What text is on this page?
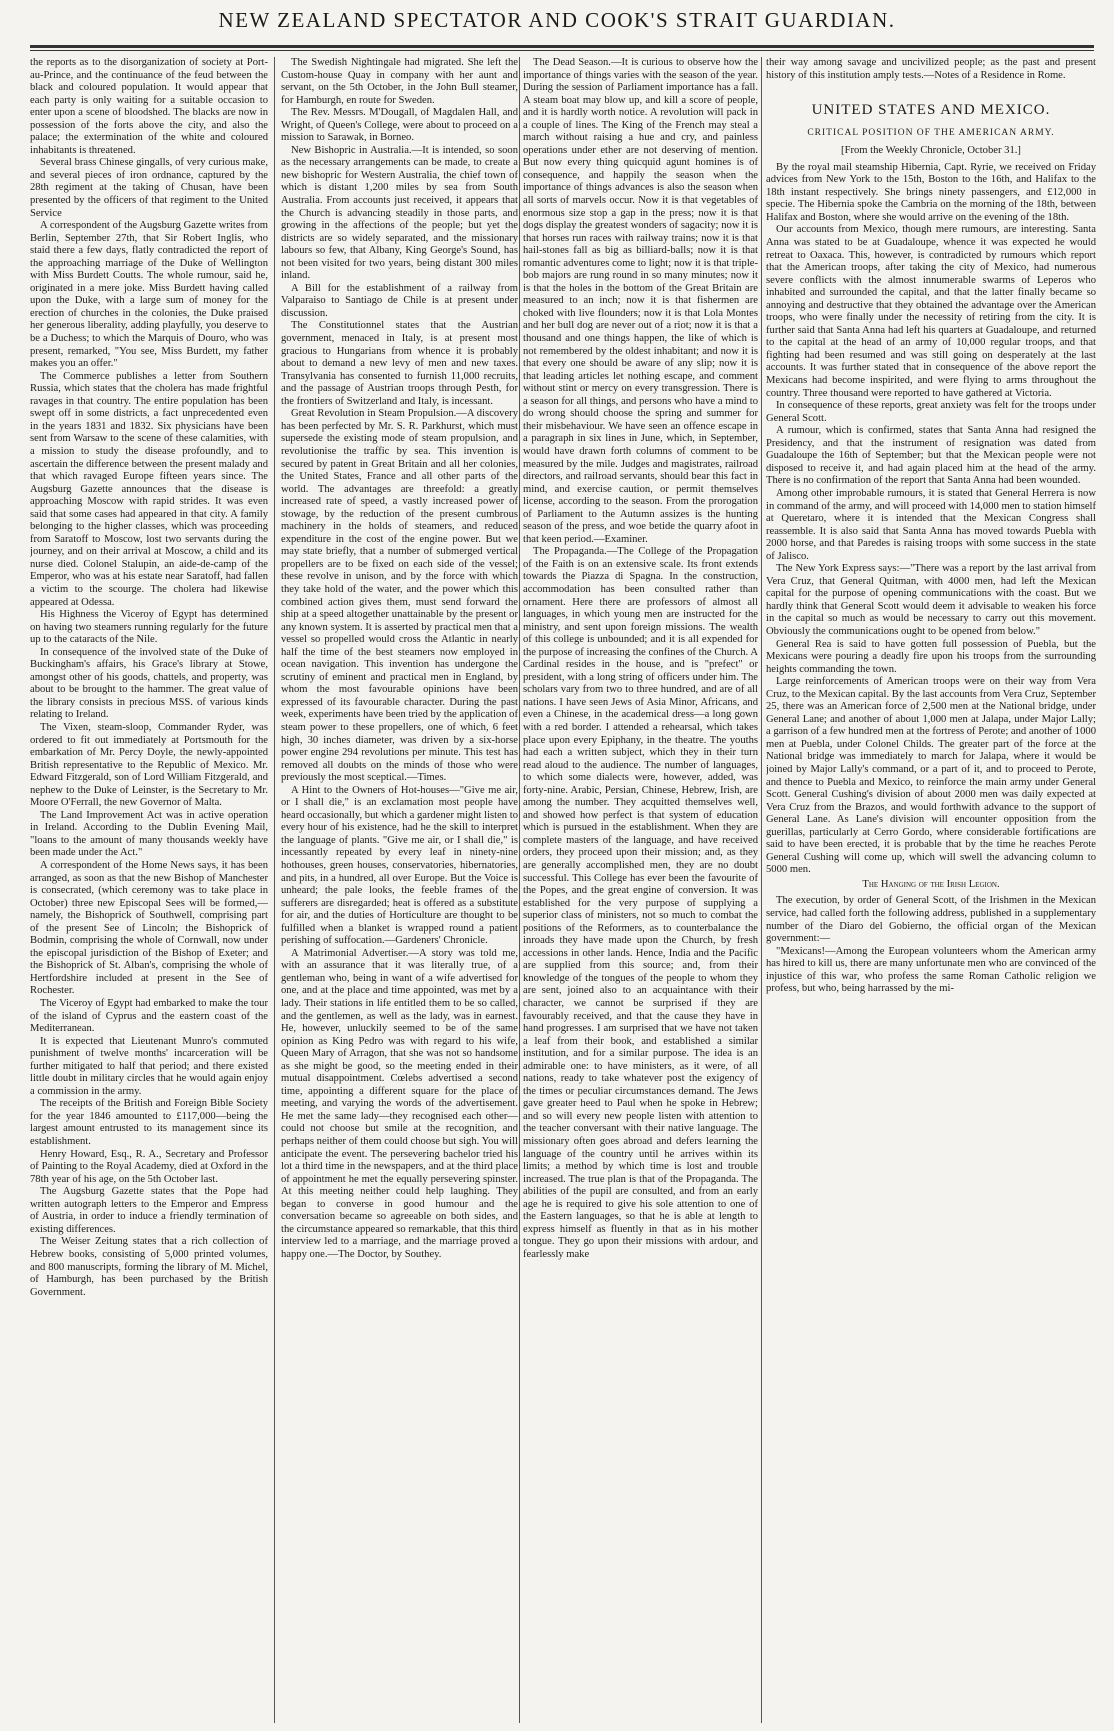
NEW ZEALAND SPECTATOR AND COOK'S STRAIT GUARDIAN.

the reports as to the disorganization of society at Port-au-Prince, and the continuance of the feud between the black and coloured population. It would appear that each party is only waiting for a suitable occasion to enter upon a scene of bloodshed. The blacks are now in possession of the forts above the city, and also the palace; the extermination of the white and coloured inhabitants is threatened.

Several brass Chinese gingalls, of very curious make, and several pieces of iron ordnance, captured by the 28th regiment at the taking of Chusan, have been presented by the officers of that regiment to the United Service

A correspondent of the Augsburg Gazette writes from Berlin, September 27th, that Sir Robert Inglis, who staid there a few days, flatly contradicted the report of the approaching marriage of the Duke of Wellington with Miss Burdett Coutts. The whole rumour, said he, originated in a mere joke. Miss Burdett having called upon the Duke, with a large sum of money for the erection of churches in the colonies, the Duke praised her generous liberality, adding playfully, you deserve to be a Duchess; to which the Marquis of Douro, who was present, remarked, "You see, Miss Burdett, my father makes you an offer."

The Commerce publishes a letter from Southern Russia, which states that the cholera has made frightful ravages in that country. The entire population has been swept off in some districts, a fact unprecedented even in the years 1831 and 1832. Six physicians have been sent from Warsaw to the scene of these calamities, with a mission to study the disease profoundly, and to ascertain the difference between the present malady and that which ravaged Europe fifteen years since. The Augsburg Gazette announces that the disease is approaching Moscow with rapid strides. It was even said that some cases had appeared in that city. A family belonging to the higher classes, which was proceeding from Saratoff to Moscow, lost two servants during the journey, and on their arrival at Moscow, a child and its nurse died. Colonel Stalupin, an aide-de-camp of the Emperor, who was at his estate near Saratoff, had fallen a victim to the scourge. The cholera had likewise appeared at Odessa.

His Highness the Viceroy of Egypt has determined on having two steamers running regularly for the future up to the cataracts of the Nile.

In consequence of the involved state of the Duke of Buckingham's affairs, his Grace's library at Stowe, amongst other of his goods, chattels, and property, was about to be brought to the hammer. The great value of the library consists in precious MSS. of various kinds relating to Ireland.

The Vixen, steam-sloop, Commander Ryder, was ordered to fit out immediately at Portsmouth for the embarkation of Mr. Percy Doyle, the newly-appointed British representative to the Republic of Mexico. Mr. Edward Fitzgerald, son of Lord William Fitzgerald, and nephew to the Duke of Leinster, is the Secretary to Mr. Moore O'Ferrall, the new Governor of Malta.

The Land Improvement Act was in active operation in Ireland. According to the Dublin Evening Mail, "loans to the amount of many thousands weekly have been made under the Act."

A correspondent of the Home News says, it has been arranged, as soon as that the new Bishop of Manchester is consecrated, (which ceremony was to take place in October) three new Episcopal Sees will be formed,—namely, the Bishoprick of Southwell, comprising part of the present See of Lincoln; the Bishoprick of Bodmin, comprising the whole of Cornwall, now under the episcopal jurisdiction of the Bishop of Exeter; and the Bishoprick of St. Alban's, comprising the whole of Hertfordshire included at present in the See of Rochester.

The Viceroy of Egypt had embarked to make the tour of the island of Cyprus and the eastern coast of the Mediterranean.

It is expected that Lieutenant Munro's commuted punishment of twelve months' incarceration will be further mitigated to half that period; and there existed little doubt in military circles that he would again enjoy a commission in the army.

The receipts of the British and Foreign Bible Society for the year 1846 amounted to £117,000—being the largest amount entrusted to its management since its establishment.

Henry Howard, Esq., R. A., Secretary and Professor of Painting to the Royal Academy, died at Oxford in the 78th year of his age, on the 5th October last.

The Augsburg Gazette states that the Pope had written autograph letters to the Emperor and Empress of Austria, in order to induce a friendly termination of existing differences.

The Weiser Zeitung states that a rich collection of Hebrew books, consisting of 5,000 printed volumes, and 800 manuscripts, forming the library of M. Michel, of Hamburgh, has been purchased by the British Government.

The Swedish Nightingale had migrated. She left the Custom-house Quay in company with her aunt and servant, on the 5th October, in the John Bull steamer, for Hamburgh, en route for Sweden.

The Rev. Messrs. M'Dougall, of Magdalen Hall, and Wright, of Queen's College, were about to proceed on a mission to Sarawak, in Borneo.

New Bishopric in Australia.—It is intended, so soon as the necessary arrangements can be made, to create a new bishopric for Western Australia, the chief town of which is distant 1,200 miles by sea from South Australia. From accounts just received, it appears that the Church is advancing steadily in those parts, and growing in the affections of the people; but yet the districts are so widely separated, and the missionary labours so few, that Albany, King George's Sound, has not been visited for two years, being distant 300 miles inland.

A Bill for the establishment of a railway from Valparaiso to Santiago de Chile is at present under discussion.

The Constitutionnel states that the Austrian government, menaced in Italy, is at present most gracious to Hungarians from whence it is probably about to demand a new levy of men and new taxes. Transylvania has consented to furnish 11,000 recruits, and the passage of Austrian troops through Pesth, for the frontiers of Switzerland and Italy, is incessant.

Great Revolution in Steam Propulsion.—A discovery has been perfected by Mr. S. R. Parkhurst, which must supersede the existing mode of steam propulsion, and revolutionise the traffic by sea. This invention is secured by patent in Great Britain and all her colonies, the United States, France and all other parts of the world. The advantages are threefold: a greatly increased rate of speed, a vastly increased power of stowage, by the reduction of the present cumbrous machinery in the holds of steamers, and reduced expenditure in the cost of the engine power. But we may state briefly, that a number of submerged vertical propellers are to be fixed on each side of the vessel; these revolve in unison, and by the force with which they take hold of the water, and the power which this combined action gives them, must send forward the ship at a speed altogether unattainable by the present or any known system. It is asserted by practical men that a vessel so propelled would cross the Atlantic in nearly half the time of the best steamers now employed in ocean navigation. This invention has undergone the scrutiny of eminent and practical men in England, by whom the most favourable opinions have been expressed of its favourable character. During the past week, experiments have been tried by the application of steam power to these propellers, one of which, 6 feet high, 30 inches diameter, was driven by a six-horse power engine 294 revolutions per minute. This test has removed all doubts on the minds of those who were previously the most sceptical.—Times.

A Hint to the Owners of Hot-houses—"Give me air, or I shall die," is an exclamation most people have heard occasionally, but which a gardener might listen to every hour of his existence, had he the skill to interpret the language of plants. "Give me air, or I shall die," is incessantly repeated by every leaf in ninety-nine hothouses, green houses, conservatories, hibernatories, and pits, in a hundred, all over Europe. But the Voice is unheard; the pale looks, the feeble frames of the sufferers are disregarded; heat is offered as a substitute for air, and the duties of Horticulture are thought to be fulfilled when a blanket is wrapped round a patient perishing of suffocation.—Gardeners' Chronicle.

A Matrimonial Advertiser.—A story was told me, with an assurance that it was literally true, of a gentleman who, being in want of a wife advertised for one, and at the place and time appointed, was met by a lady. Their stations in life entitled them to be so called, and the gentlemen, as well as the lady, was in earnest. He, however, unluckily seemed to be of the same opinion as King Pedro was with regard to his wife, Queen Mary of Arragon, that she was not so handsome as she might be good, so the meeting ended in their mutual disappointment. Cœlebs advertised a second time, appointing a different square for the place of meeting, and varying the words of the advertisement. He met the same lady—they recognised each other—could not choose but smile at the recognition, and perhaps neither of them could choose but sigh. You will anticipate the event. The persevering bachelor tried his lot a third time in the newspapers, and at the third place of appointment he met the equally persevering spinster. At this meeting neither could help laughing. They began to converse in good humour and the conversation became so agreeable on both sides, and the circumstance appeared so remarkable, that this third interview led to a marriage, and the marriage proved a happy one.—The Doctor, by Southey.

The Dead Season.—It is curious to observe how the importance of things varies with the season of the year. During the session of Parliament importance has a fall. A steam boat may blow up, and kill a score of people, and it is hardly worth notice. A revolution will pack in a couple of lines. The King of the French may steal a march without raising a hue and cry, and painless operations under ether are not deserving of mention. But now every thing quicquid agunt homines is of consequence, and happily the season when the importance of things advances is also the season when all sorts of marvels occur. Now it is that vegetables of enormous size stop a gap in the press; now it is that dogs display the greatest wonders of sagacity; now it is that horses run races with railway trains; now it is that hail-stones fall as big as billiard-balls; now it is that romantic adventures come to light; now it is that triple-bob majors are rung round in so many minutes; now it is that the holes in the bottom of the Great Britain are measured to an inch; now it is that fishermen are choked with live flounders; now it is that Lola Montes and her bull dog are never out of a riot; now it is that a thousand and one things happen, the like of which is not remembered by the oldest inhabitant; and now it is that every one should be aware of any slip; now it is that leading articles let nothing escape, and comment without stint or mercy on every transgression. There is a season for all things, and persons who have a mind to do wrong should choose the spring and summer for their misbehaviour. We have seen an offence escape in a paragraph in six lines in June, which, in September, would have drawn forth columns of comment to be measured by the mile. Judges and magistrates, railroad directors, and railroad servants, should bear this fact in mind, and exercise caution, or permit themselves license, according to the season. From the prorogation of Parliament to the Autumn assizes is the hunting season of the press, and woe betide the quarry afoot in that keen period.—Examiner.

The Propaganda.—The College of the Propagation of the Faith is on an extensive scale. Its front extends towards the Piazza di Spagna. In the construction, accommodation has been consulted rather than ornament. Here there are professors of almost all languages, in which young men are instructed for the ministry, and sent upon foreign missions. The wealth of this college is unbounded; and it is all expended for the purpose of increasing the confines of the Church. A Cardinal resides in the house, and is "prefect" or president, with a long string of officers under him. The scholars vary from two to three hundred, and are of all nations. I have seen Jews of Asia Minor, Africans, and even a Chinese, in the academical dress—a long gown with a red border. I attended a rehearsal, which takes place upon every Epiphany, in the theatre. The youths had each a written subject, which they in their turn read aloud to the audience. The number of languages, to which some dialects were, however, added, was forty-nine. Arabic, Persian, Chinese, Hebrew, Irish, are among the number. They acquitted themselves well, and showed how perfect is that system of education which is pursued in the establishment. When they are complete masters of the language, and have received orders, they proceed upon their mission; and, as they are generally accomplished men, they are no doubt successful. This College has ever been the favourite of the Popes, and the great engine of conversion. It was established for the very purpose of supplying a superior class of ministers, not so much to combat the positions of the Reformers, as to counterbalance the inroads they have made upon the Church, by fresh accessions in other lands. Hence, India and the Pacific are supplied from this source; and, from their knowledge of the tongues of the people to whom they are sent, joined also to an acquaintance with their character, we cannot be surprised if they are favourably received, and that the cause they have in hand progresses. I am surprised that we have not taken a leaf from their book, and established a similar institution, and for a similar purpose. The idea is an admirable one: to have ministers, as it were, of all nations, ready to take whatever post the exigency of the times or peculiar circumstances demand. The Jews gave greater heed to Paul when he spoke in Hebrew; and so will every new people listen with attention to the teacher conversant with their native language. The missionary often goes abroad and defers learning the language of the country until he arrives within its limits; a method by which time is lost and trouble increased. The true plan is that of the Propaganda. The abilities of the pupil are consulted, and from an early age he is required to give his sole attention to one of the Eastern languages, so that he is able at length to express himself as fluently in that as in his mother tongue. They go upon their missions with ardour, and fearlessly make

their way among savage and uncivilized people; as the past and present history of this institution amply tests.—Notes of a Residence in Rome.

UNITED STATES AND MEXICO.
CRITICAL POSITION OF THE AMERICAN ARMY.
[From the Weekly Chronicle, October 31.]

By the royal mail steamship Hibernia, Capt. Ryrie, we received on Friday advices from New York to the 15th, Boston to the 16th, and Halifax to the 18th instant respectively. She brings ninety passengers, and £12,000 in specie. The Hibernia spoke the Cambria on the morning of the 18th, between Halifax and Boston, where she would arrive on the evening of the 18th.

Our accounts from Mexico, though mere rumours, are interesting. Santa Anna was stated to be at Guadaloupe, whence it was expected he would retreat to Oaxaca. This, however, is contradicted by rumours which report that the American troops, after taking the city of Mexico, had numerous severe conflicts with the almost innumerable swarms of Leperos who inhabited and surrounded the capital, and that the latter finally became so annoying and destructive that they obtained the advantage over the American troops, who were finally under the necessity of retiring from the city. It is further said that Santa Anna had left his quarters at Guadaloupe, and returned to the capital at the head of an army of 10,000 regular troops, and that fighting had been resumed and was still going on desperately at the last accounts. It was further stated that in consequence of the above report the Mexicans had become inspirited, and were flying to arms throughout the country. Three thousand were reported to have gathered at Victoria.

In consequence of these reports, great anxiety was felt for the troops under General Scott.

A rumour, which is confirmed, states that Santa Anna had resigned the Presidency, and that the instrument of resignation was dated from Guadaloupe the 16th of September; but that the Mexican people were not disposed to receive it, and had again placed him at the head of the army. There is no confirmation of the report that Santa Anna had been wounded.

Among other improbable rumours, it is stated that General Herrera is now in command of the army, and will proceed with 14,000 men to station himself at Queretaro, where it is intended that the Mexican Congress shall reassemble. It is also said that Santa Anna has moved towards Puebla with 2000 horse, and that Paredes is raising troops with some success in the state of Jalisco.

The New York Express says:—"There was a report by the last arrival from Vera Cruz, that General Quitman, with 4000 men, had left the Mexican capital for the purpose of opening communications with the coast. But we hardly think that General Scott would deem it advisable to weaken his force in the capital so much as would be necessary to carry out this movement. Obviously the communications ought to be opened from below."

General Rea is said to have gotten full possession of Puebla, but the Mexicans were pouring a deadly fire upon his troops from the surrounding heights commanding the town.

Large reinforcements of American troops were on their way from Vera Cruz, to the Mexican capital. By the last accounts from Vera Cruz, September 25, there was an American force of 2,500 men at the National bridge, under General Lane; and another of about 1,000 men at Jalapa, under Major Lally; a garrison of a few hundred men at the fortress of Perote; and another of 1000 men at Puebla, under Colonel Childs. The greater part of the force at the National bridge was immediately to march for Jalapa, where it would be joined by Major Lally's command, or a part of it, and to proceed to Perote, and thence to Puebla and Mexico, to reinforce the main army under General Scott. General Cushing's division of about 2000 men was daily expected at Vera Cruz from the Brazos, and would forthwith advance to the support of General Lane. As Lane's division will encounter opposition from the guerillas, particularly at Cerro Gordo, where considerable fortifications are said to have been erected, it is probable that by the time he reaches Perote General Cushing will come up, which will swell the advancing column to 5000 men.

The Hanging of the Irish Legion.

The execution, by order of General Scott, of the Irishmen in the Mexican service, had called forth the following address, published in a supplementary number of the Diaro del Gobierno, the official organ of the Mexican government:—

"Mexicans!—Among the European volunteers whom the American army has hired to kill us, there are many unfortunate men who are convinced of the injustice of this war, who profess the same Roman Catholic religion we profess, but who, being harrassed by the mi-
